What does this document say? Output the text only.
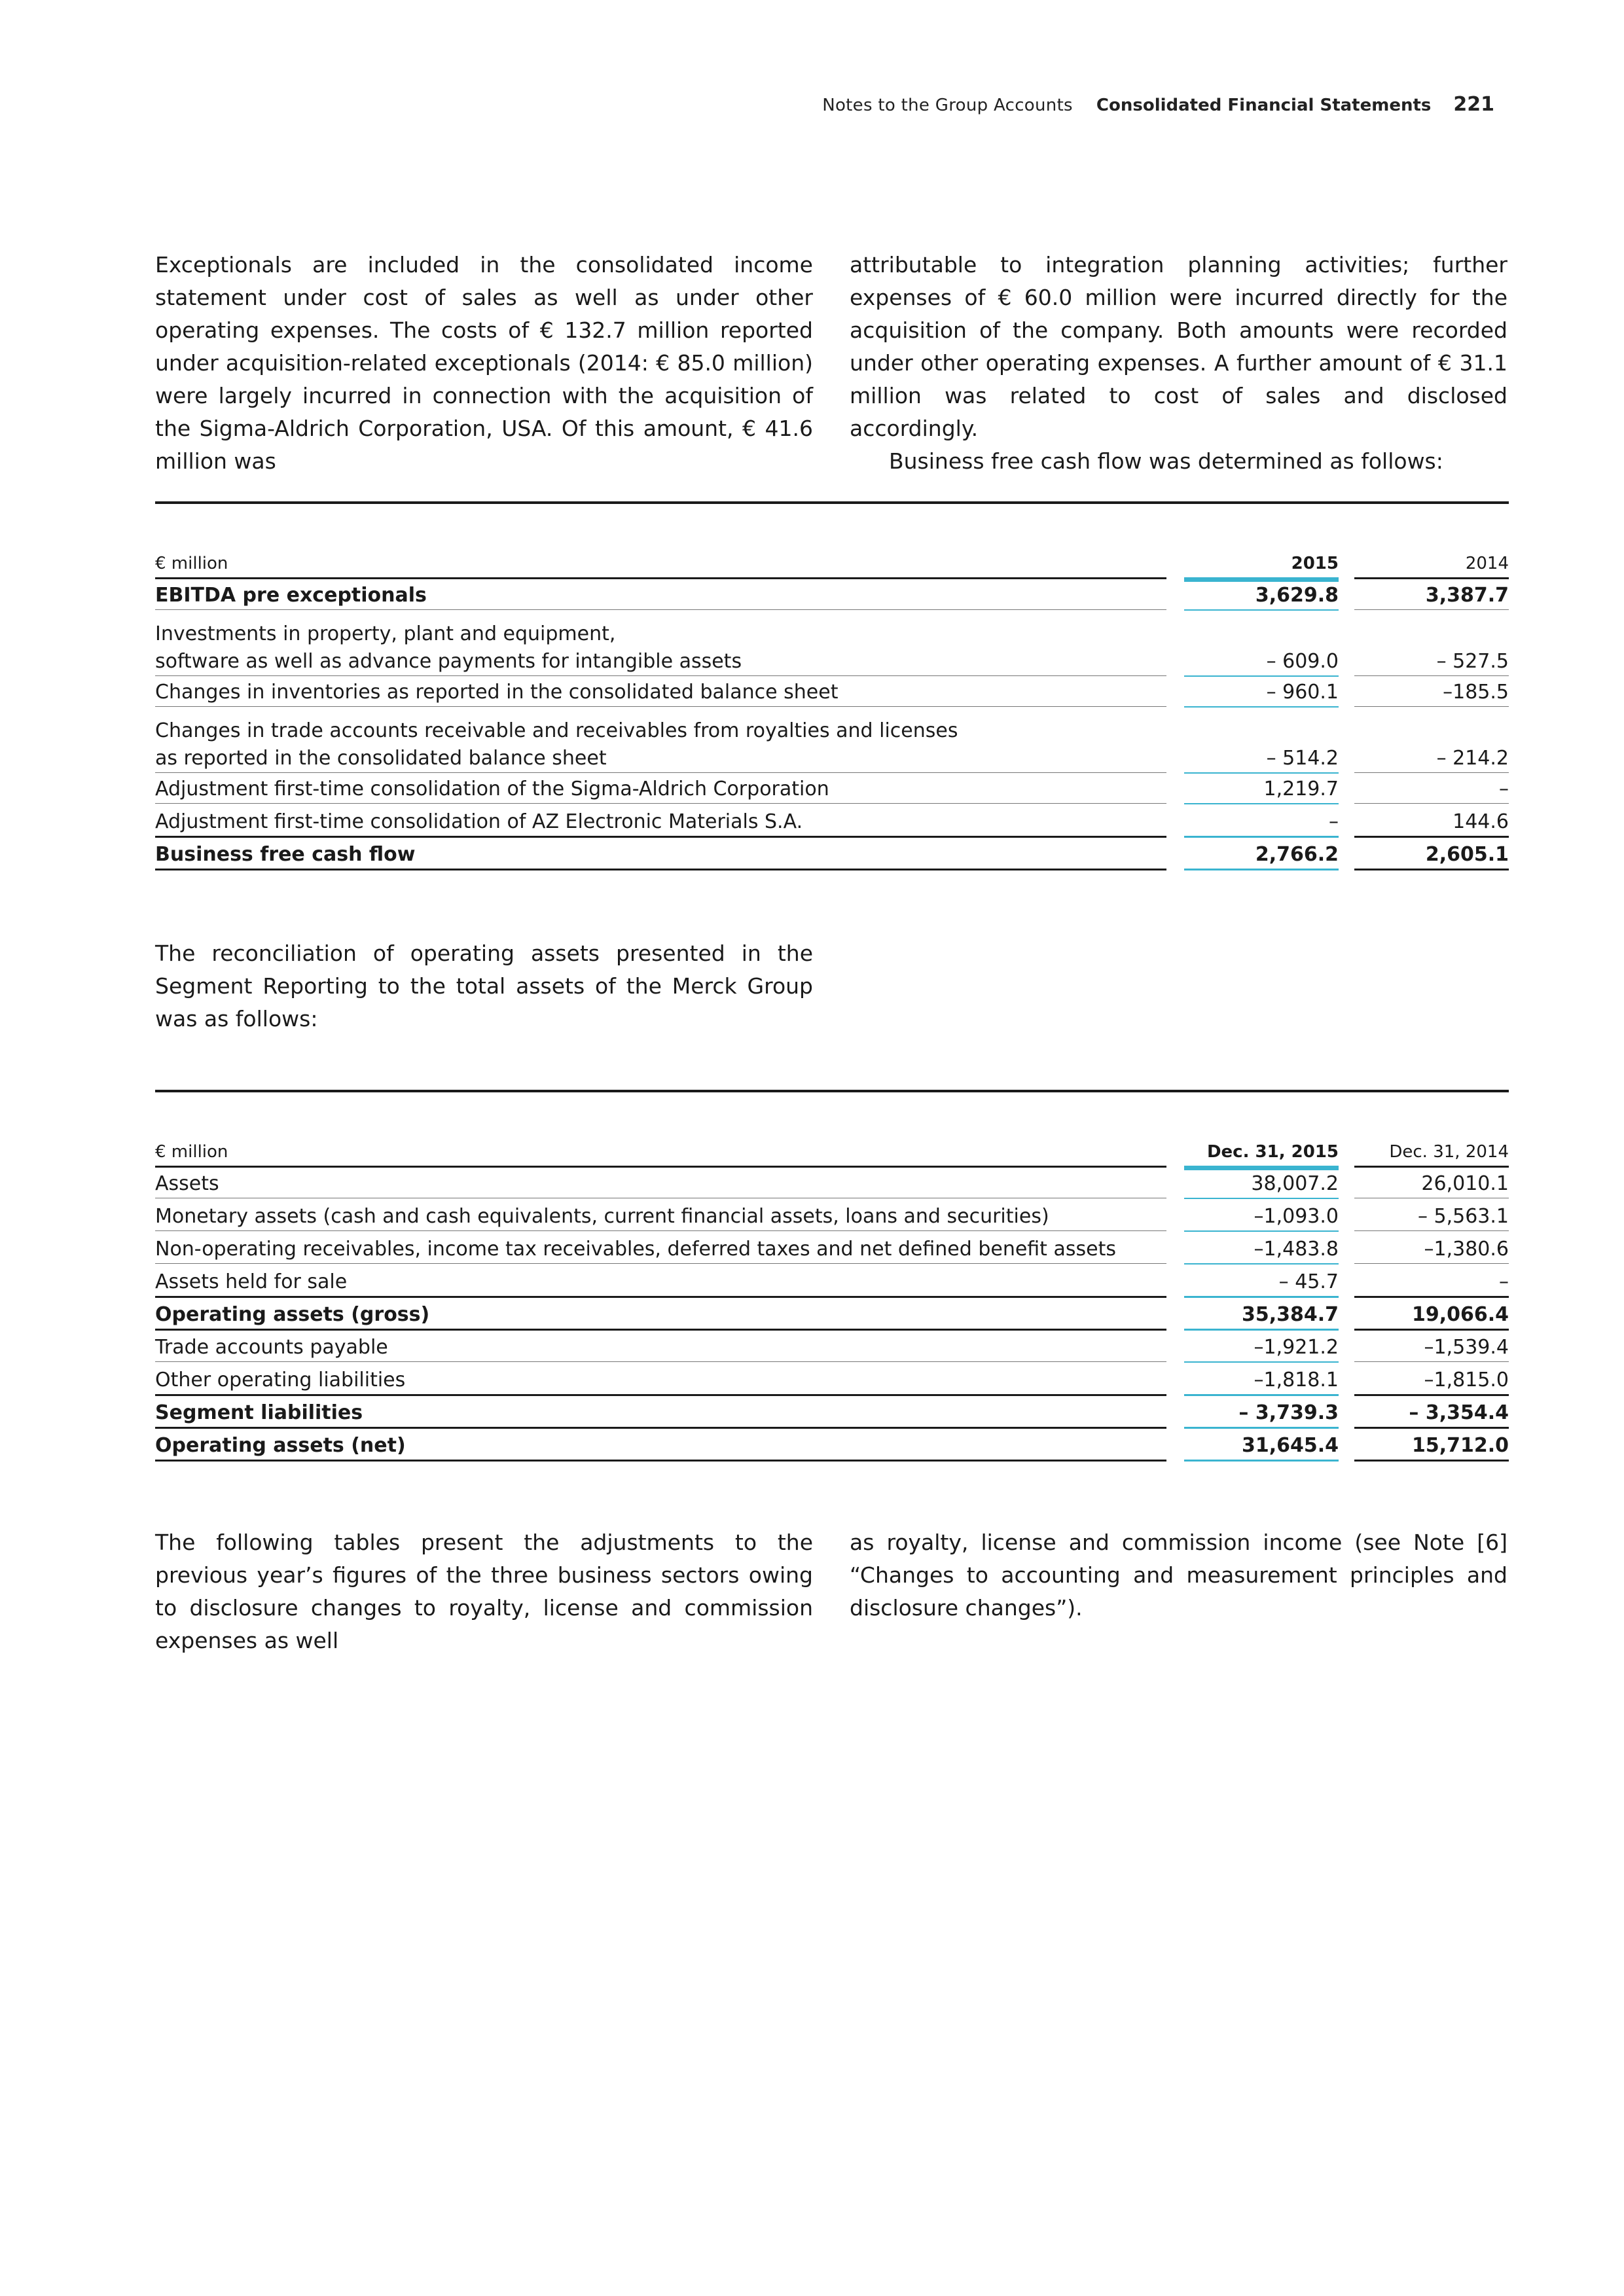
Notes to the Group Accounts Consolidated Financial Statements 221

Exceptionals are included in the consolidated income statement under cost of sales as well as under other operating expenses. The costs of € 132.7 million reported under acquisition-related exceptionals (2014: € 85.0 million) were largely incurred in connection with the acquisition of the Sigma-Aldrich Corporation, USA. Of this amount, € 41.6 million was

attributable to integration planning activities; further expenses of € 60.0 million were incurred directly for the acquisition of the company. Both amounts were recorded under other operating expenses. A further amount of € 31.1 million was related to cost of sales and disclosed accordingly.

Business free cash flow was determined as follows:

€ million	2015	2014
EBITDA pre exceptionals	3,629.8	3,387.7
Investments in property, plant and equipment,
software as well as advance payments for intangible assets	– 609.0	– 527.5
Changes in inventories as reported in the consolidated balance sheet	– 960.1	–185.5
Changes in trade accounts receivable and receivables from royalties and licenses
as reported in the consolidated balance sheet	– 514.2	– 214.2
Adjustment first-time consolidation of the Sigma-Aldrich Corporation	1,219.7	–
Adjustment first-time consolidation of AZ Electronic Materials S.A.	–	144.6
Business free cash flow	2,766.2	2,605.1

The reconciliation of operating assets presented in the Segment Reporting to the total assets of the Merck Group was as follows:

€ million	Dec. 31, 2015	Dec. 31, 2014
Assets	38,007.2	26,010.1
Monetary assets (cash and cash equivalents, current financial assets, loans and securities)	–1,093.0	– 5,563.1
Non-operating receivables, income tax receivables, deferred taxes and net defined benefit assets	–1,483.8	–1,380.6
Assets held for sale	– 45.7	–
Operating assets (gross)	35,384.7	19,066.4
Trade accounts payable	–1,921.2	–1,539.4
Other operating liabilities	–1,818.1	–1,815.0
Segment liabilities	– 3,739.3	– 3,354.4
Operating assets (net)	31,645.4	15,712.0

The following tables present the adjustments to the previous year’s figures of the three business sectors owing to disclosure changes to royalty, license and commission expenses as well

as royalty, license and commission income (see Note [6] “Changes to accounting and measurement principles and disclosure changes”).
